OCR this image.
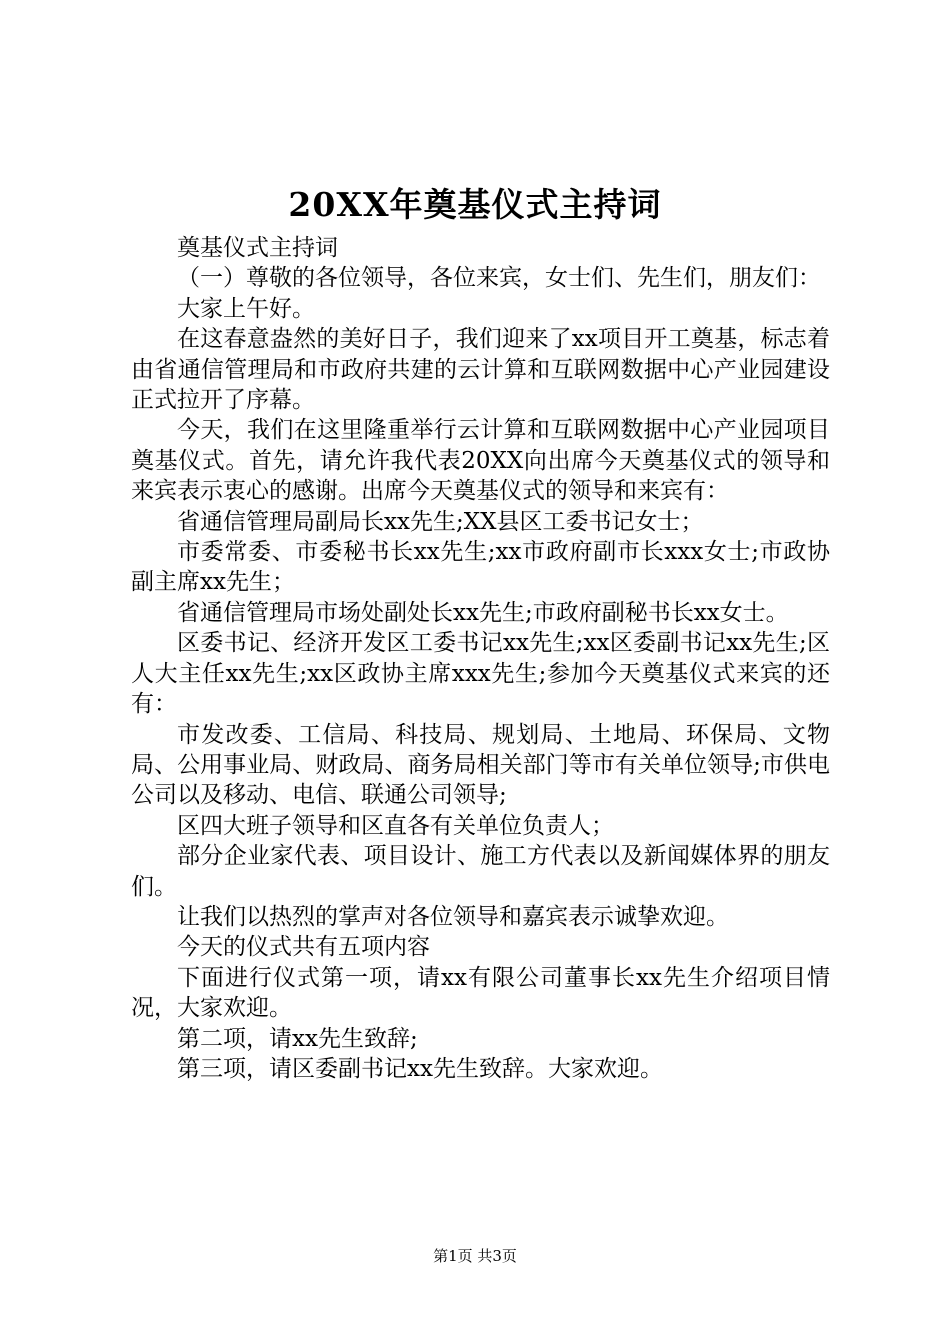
20XX年奠基仪式主持词

奠基仪式主持词

（一）尊敬的各位领导，各位来宾，女士们、先生们，朋友们：

大家上午好。

在这春意盎然的美好日子，我们迎来了xx项目开工奠基，标志着由省通信管理局和市政府共建的云计算和互联网数据中心产业园建设正式拉开了序幕。

今天，我们在这里隆重举行云计算和互联网数据中心产业园项目奠基仪式。首先，请允许我代表20XX向出席今天奠基仪式的领导和来宾表示衷心的感谢。出席今天奠基仪式的领导和来宾有：

省通信管理局副局长xx先生;XX县区工委书记女士；

市委常委、市委秘书长xx先生;xx市政府副市长xxx女士;市政协副主席xx先生；

省通信管理局市场处副处长xx先生;市政府副秘书长xx女士。

区委书记、经济开发区工委书记xx先生;xx区委副书记xx先生;区人大主任xx先生;xx区政协主席xxx先生;参加今天奠基仪式来宾的还有：

市发改委、工信局、科技局、规划局、土地局、环保局、文物局、公用事业局、财政局、商务局相关部门等市有关单位领导;市供电公司以及移动、电信、联通公司领导;

区四大班子领导和区直各有关单位负责人；

部分企业家代表、项目设计、施工方代表以及新闻媒体界的朋友们。

让我们以热烈的掌声对各位领导和嘉宾表示诚挚欢迎。

今天的仪式共有五项内容

下面进行仪式第一项，请xx有限公司董事长xx先生介绍项目情况，大家欢迎。

第二项，请xx先生致辞;

第三项，请区委副书记xx先生致辞。大家欢迎。

第1页 共3页
